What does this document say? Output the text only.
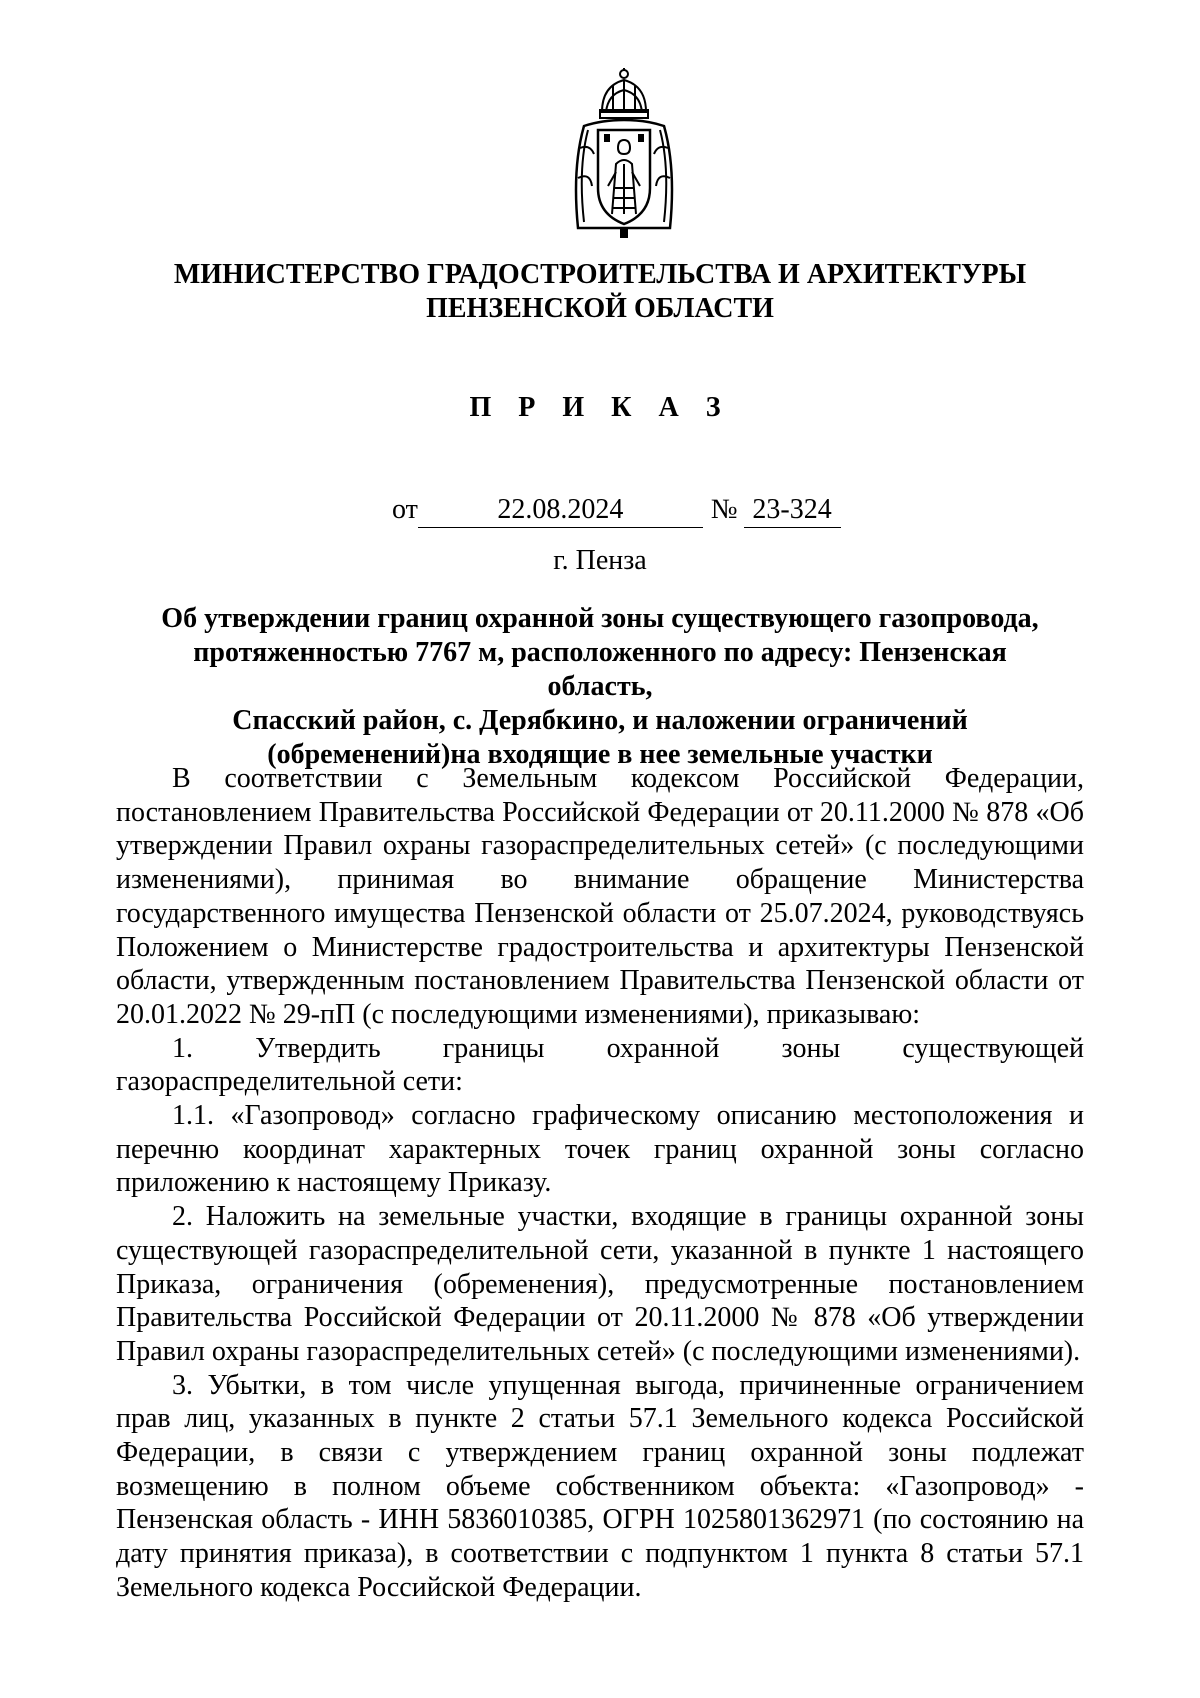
МИНИСТЕРСТВО ГРАДОСТРОИТЕЛЬСТВА И АРХИТЕКТУРЫ
ПЕНЗЕНСКОЙ ОБЛАСТИ
П Р И К А З
от	22.08.2024	№ 23-324
г. Пенза
Об утверждении границ охранной зоны существующего газопровода,
протяженностью 7767 м, расположенного по адресу: Пензенская область,
Спасский район, с. Дерябкино, и наложении ограничений
(обременений)на входящие в нее земельные участки

В соответствии с Земельным кодексом Российской Федерации, постановлением Правительства Российской Федерации от 20.11.2000 № 878 «Об утверждении Правил охраны газораспределительных сетей» (с последующими изменениями), принимая во внимание обращение Министерства государственного имущества Пензенской области от 25.07.2024, руководствуясь Положением о Министерстве градостроительства и архитектуры Пензенской области, утвержденным постановлением Правительства Пензенской области от 20.01.2022 № 29-пП (с последующими изменениями), приказываю:

1. Утвердить границы охранной зоны существующей газораспределительной сети:

1.1. «Газопровод» согласно графическому описанию местоположения и перечню координат характерных точек границ охранной зоны согласно приложению к настоящему Приказу.

2. Наложить на земельные участки, входящие в границы охранной зоны существующей газораспределительной сети, указанной в пункте 1 настоящего Приказа, ограничения (обременения), предусмотренные постановлением Правительства Российской Федерации от 20.11.2000 № 878 «Об утверждении Правил охраны газораспределительных сетей» (с последующими изменениями).

3. Убытки, в том числе упущенная выгода, причиненные ограничением прав лиц, указанных в пункте 2 статьи 57.1 Земельного кодекса Российской Федерации, в связи с утверждением границ охранной зоны подлежат возмещению в полном объеме собственником объекта: «Газопровод» - Пензенская область - ИНН 5836010385, ОГРН 1025801362971 (по состоянию на дату принятия приказа), в соответствии с подпунктом 1 пункта 8 статьи 57.1 Земельного кодекса Российской Федерации.
